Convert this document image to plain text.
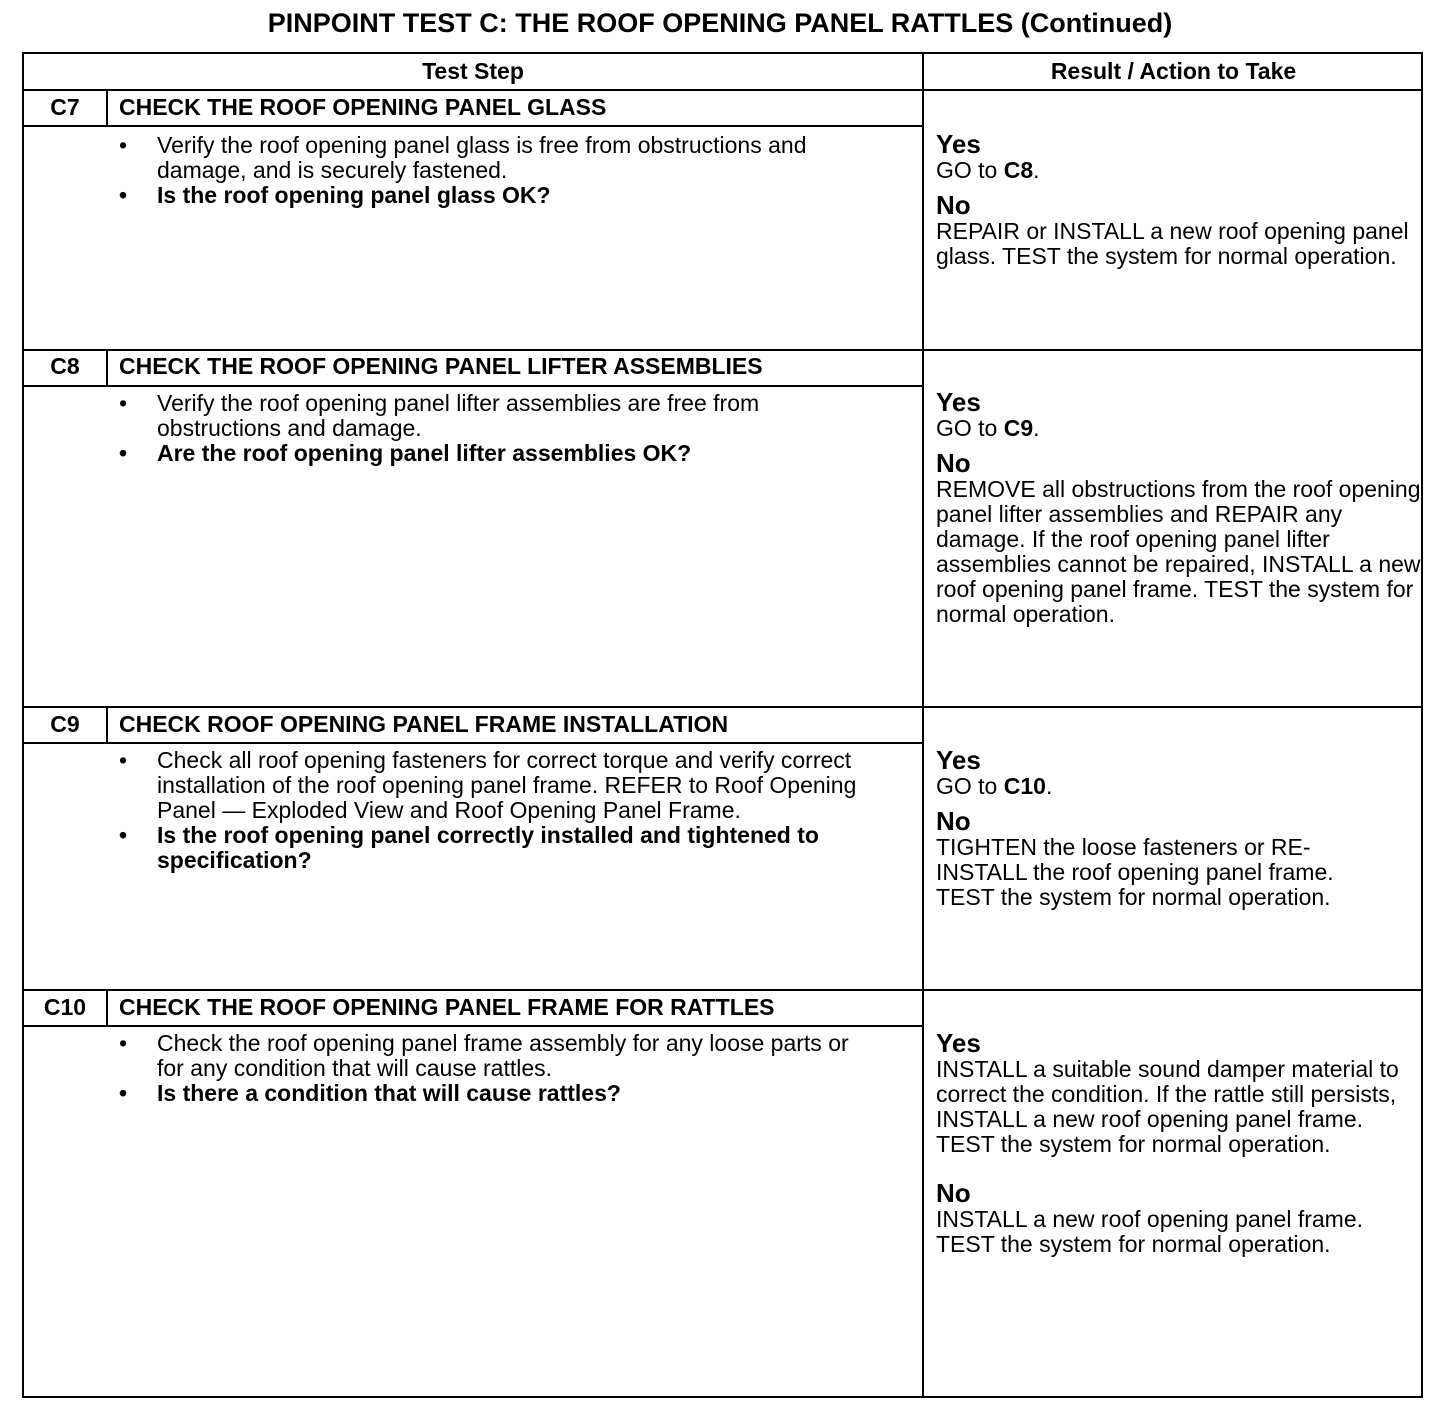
PINPOINT TEST C: THE ROOF OPENING PANEL RATTLES (Continued)
Test Step	Result / Action to Take
C7	CHECK THE ROOF OPENING PANEL GLASS
• Verify the roof opening panel glass is free from obstructions and damage, and is securely fastened.
• Is the roof opening panel glass OK?
Yes
GO to C8.
No
REPAIR or INSTALL a new roof opening panel glass. TEST the system for normal operation.
C8	CHECK THE ROOF OPENING PANEL LIFTER ASSEMBLIES
• Verify the roof opening panel lifter assemblies are free from obstructions and damage.
• Are the roof opening panel lifter assemblies OK?
Yes
GO to C9.
No
REMOVE all obstructions from the roof opening panel lifter assemblies and REPAIR any damage. If the roof opening panel lifter assemblies cannot be repaired, INSTALL a new roof opening panel frame. TEST the system for normal operation.
C9	CHECK ROOF OPENING PANEL FRAME INSTALLATION
• Check all roof opening fasteners for correct torque and verify correct installation of the roof opening panel frame. REFER to Roof Opening Panel — Exploded View and Roof Opening Panel Frame.
• Is the roof opening panel correctly installed and tightened to specification?
Yes
GO to C10.
No
TIGHTEN the loose fasteners or RE-INSTALL the roof opening panel frame. TEST the system for normal operation.
C10	CHECK THE ROOF OPENING PANEL FRAME FOR RATTLES
• Check the roof opening panel frame assembly for any loose parts or for any condition that will cause rattles.
• Is there a condition that will cause rattles?
Yes
INSTALL a suitable sound damper material to correct the condition. If the rattle still persists, INSTALL a new roof opening panel frame. TEST the system for normal operation.
No
INSTALL a new roof opening panel frame. TEST the system for normal operation.
